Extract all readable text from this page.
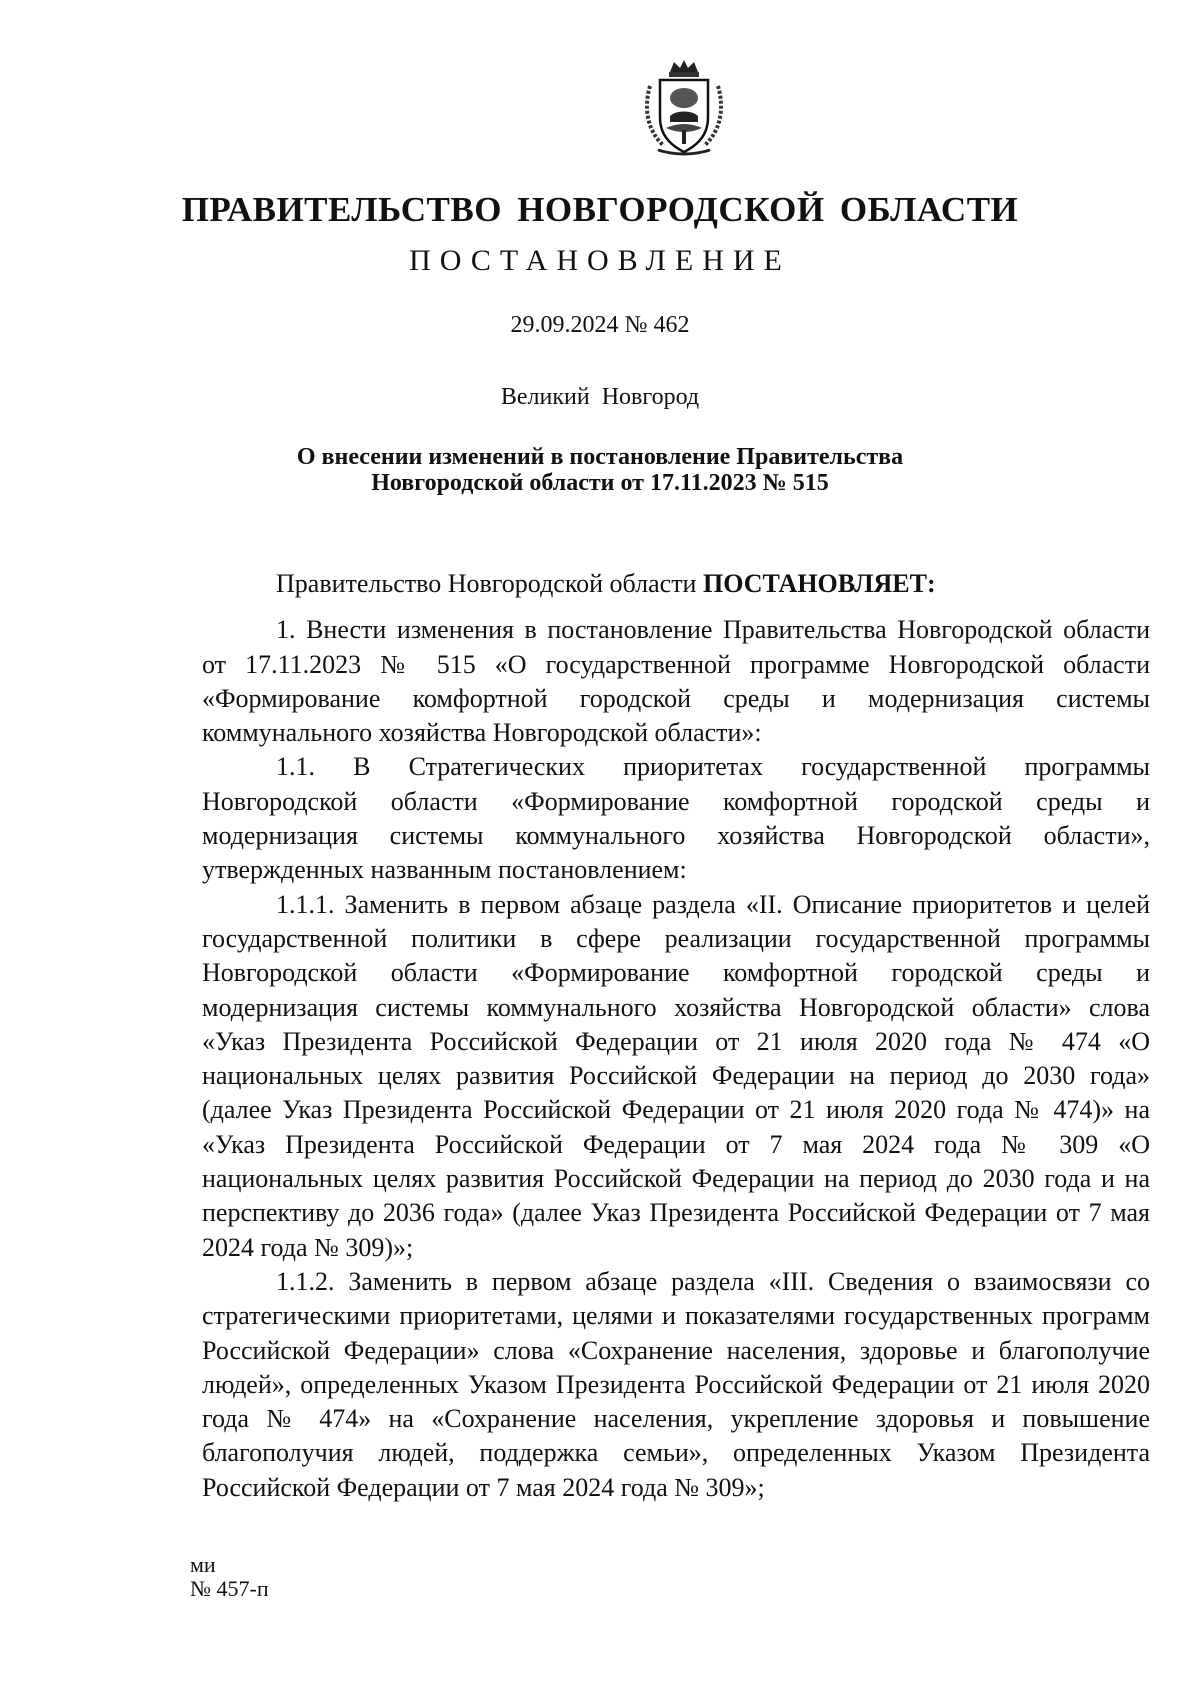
ПРАВИТЕЛЬСТВО НОВГОРОДСКОЙ ОБЛАСТИ
ПОСТАНОВЛЕНИЕ
29.09.2024 № 462
Великий Новгород
О внесении изменений в постановление Правительства
Новгородской области от 17.11.2023 № 515

Правительство Новгородской области ПОСТАНОВЛЯЕТ:

1. Внести изменения в постановление Правительства Новгородской области от 17.11.2023 № 515 «О государственной программе Новгородской области «Формирование комфортной городской среды и модернизация системы коммунального хозяйства Новгородской области»:

1.1. В Стратегических приоритетах государственной программы Новгородской области «Формирование комфортной городской среды и модернизация системы коммунального хозяйства Новгородской области», утвержденных названным постановлением:

1.1.1. Заменить в первом абзаце раздела «II. Описание приоритетов и целей государственной политики в сфере реализации государственной программы Новгородской области «Формирование комфортной городской среды и модернизация системы коммунального хозяйства Новгородской области» слова «Указ Президента Российской Федерации от 21 июля 2020 года № 474 «О национальных целях развития Российской Федерации на период до 2030 года» (далее Указ Президента Российской Федерации от 21 июля 2020 года № 474)» на «Указ Президента Российской Федерации от 7 мая 2024 года № 309 «О национальных целях развития Российской Федерации на период до 2030 года и на перспективу до 2036 года» (далее Указ Президента Российской Федерации от 7 мая 2024 года № 309)»;

1.1.2. Заменить в первом абзаце раздела «III. Сведения о взаимосвязи со стратегическими приоритетами, целями и показателями государственных программ Российской Федерации» слова «Сохранение населения, здоровье и благополучие людей», определенных Указом Президента Российской Федерации от 21 июля 2020 года № 474» на «Сохранение населения, укрепление здоровья и повышение благополучия людей, поддержка семьи», определенных Указом Президента Российской Федерации от 7 мая 2024 года № 309»;

ми
№ 457-п
